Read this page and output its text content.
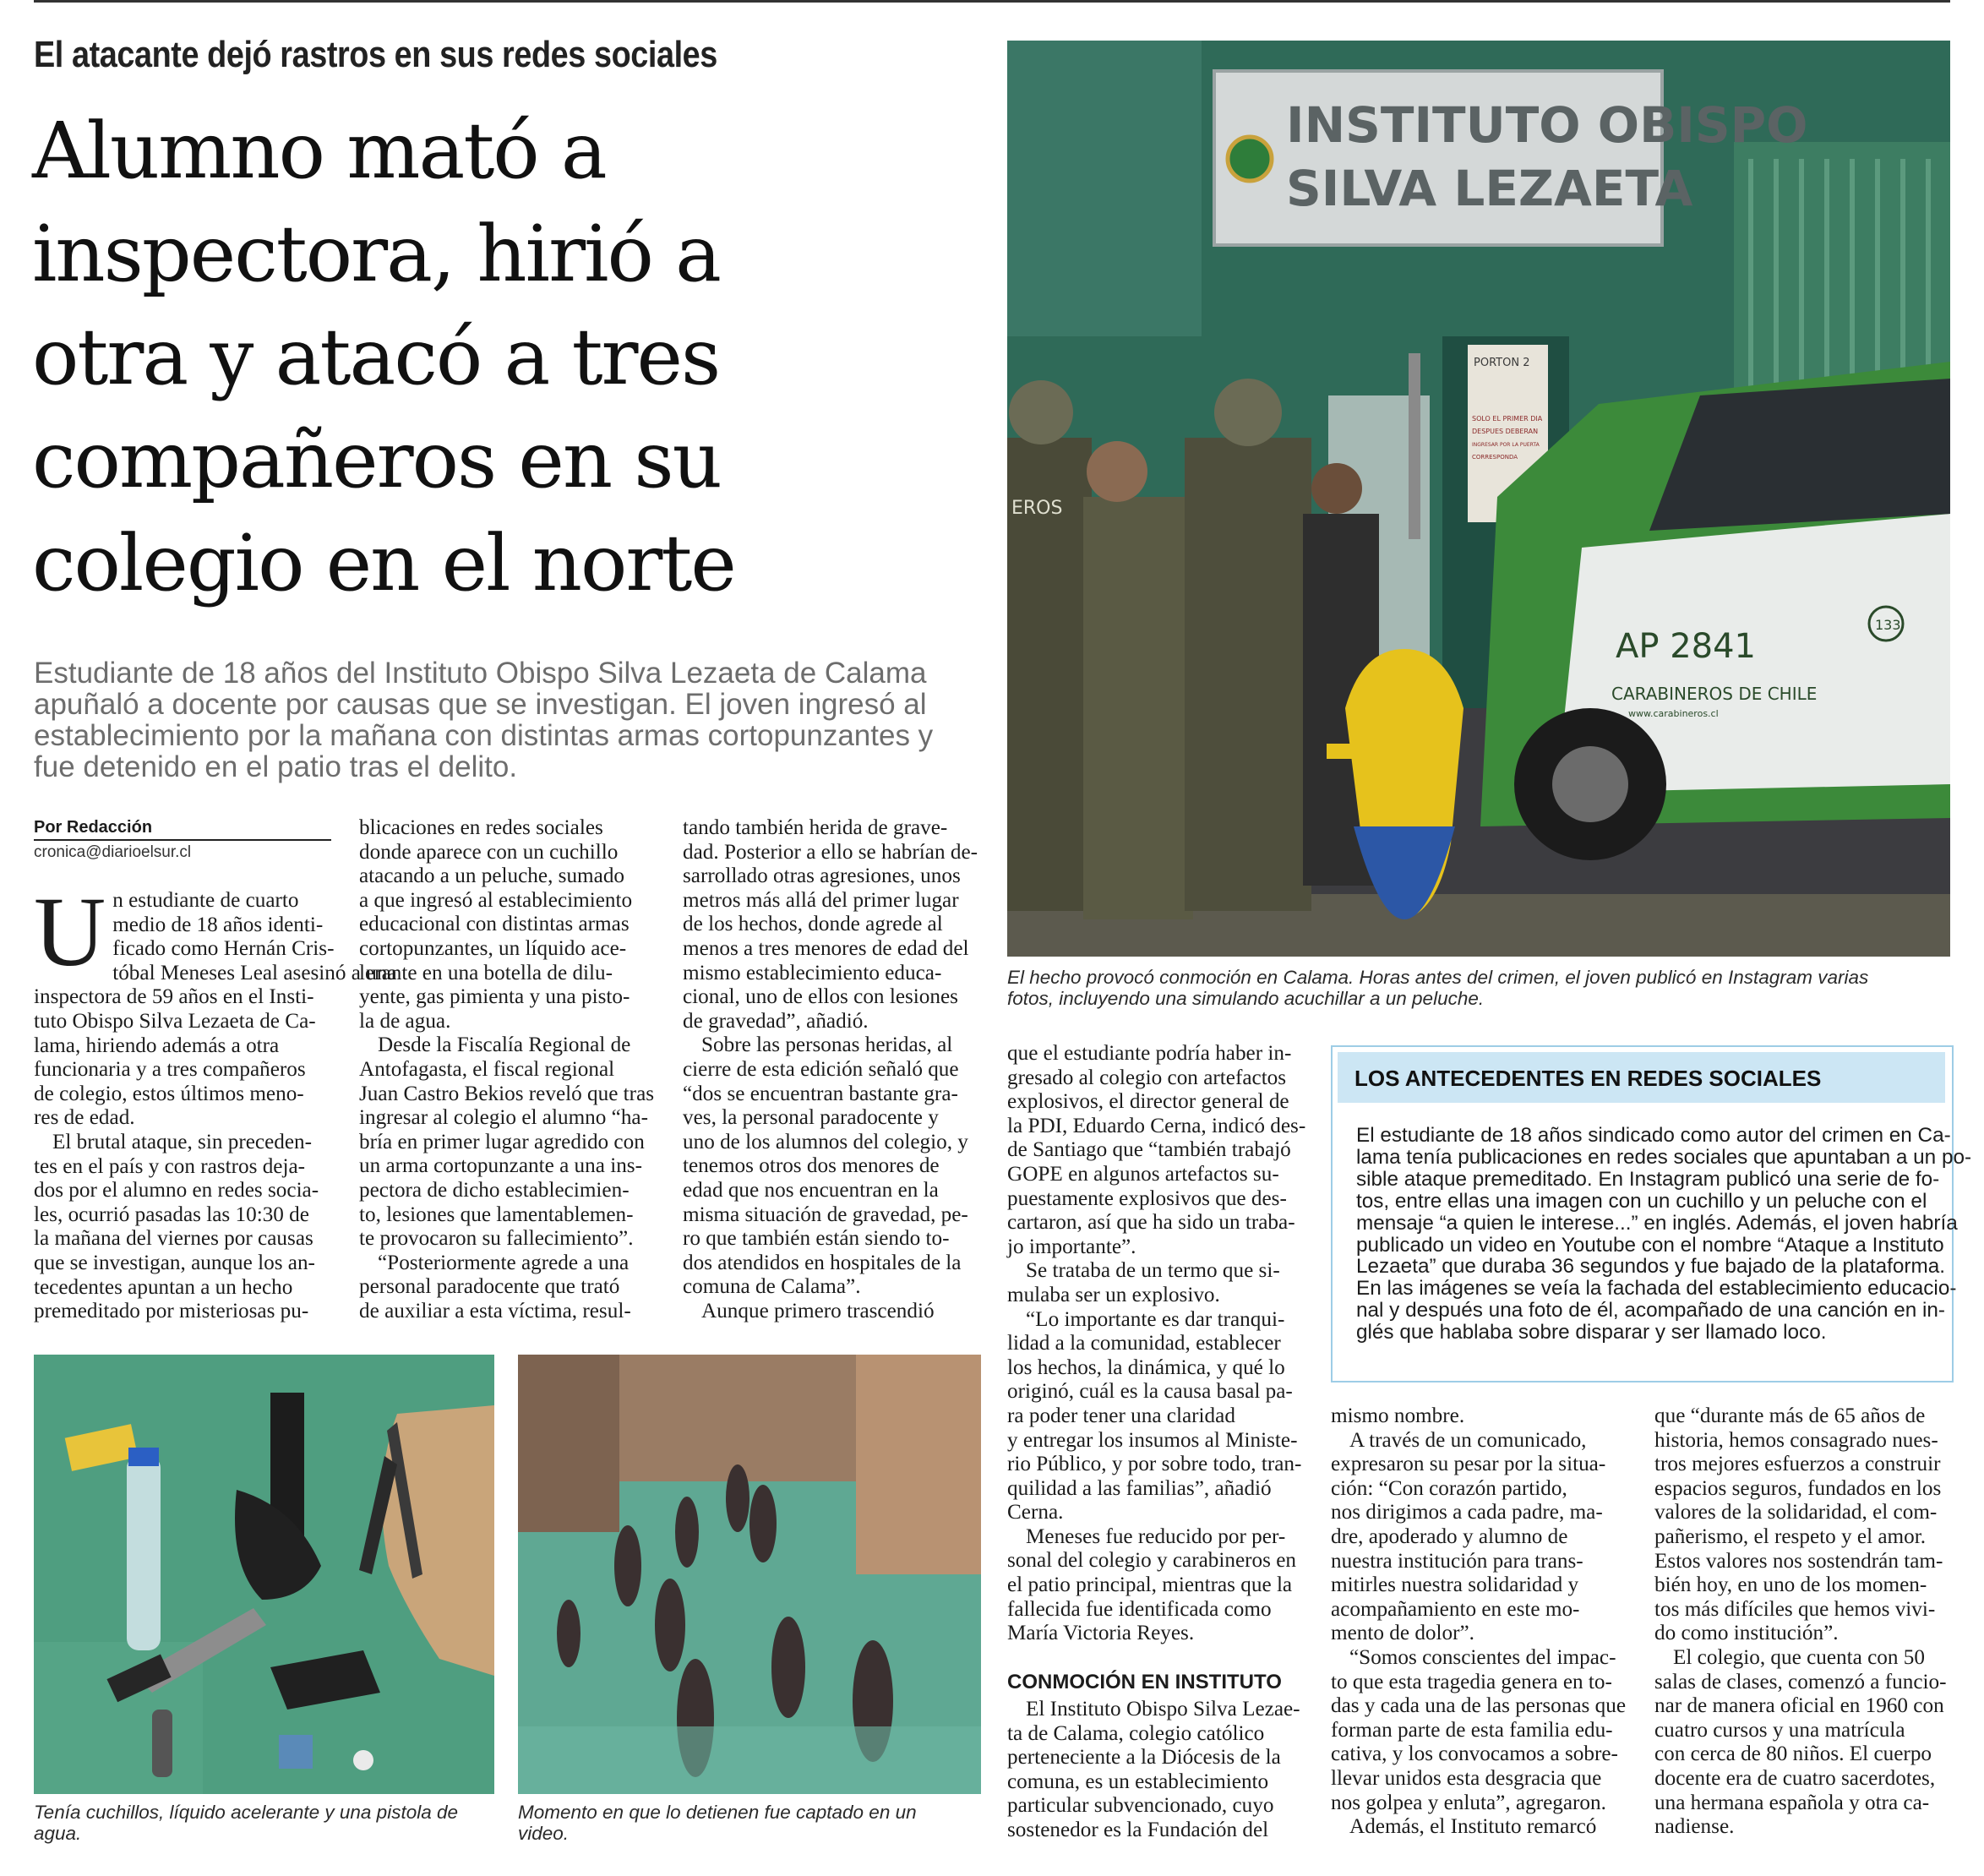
El atacante dejó rastros en sus redes sociales
Alumno mató a
inspectora, hirió a
otra y atacó a tres
compañeros en su
colegio en el norte
Estudiante de 18 años del Instituto Obispo Silva Lezaeta de Calama
apuñaló a docente por causas que se investigan. El joven ingresó al
establecimiento por la mañana con distintas armas cortopunzantes y
fue detenido en el patio tras el delito.
Por Redacción
cronica@diarioelsur.cl
U n estudiante de cuarto
medio de 18 años identi-
ficado como Hernán Cris-
tóbal Meneses Leal asesinó a una
inspectora de 59 años en el Insti-
tuto Obispo Silva Lezaeta de Ca-
lama, hiriendo además a otra
funcionaria y a tres compañeros
de colegio, estos últimos meno-
res de edad.
El brutal ataque, sin preceden-
tes en el país y con rastros deja-
dos por el alumno en redes socia-
les, ocurrió pasadas las 10:30 de
la mañana del viernes por causas
que se investigan, aunque los an-
tecedentes apuntan a un hecho
premeditado por misteriosas pu-
blicaciones en redes sociales
donde aparece con un cuchillo
atacando a un peluche, sumado
a que ingresó al establecimiento
educacional con distintas armas
cortopunzantes, un líquido ace-
lerante en una botella de dilu-
yente, gas pimienta y una pisto-
la de agua.
Desde la Fiscalía Regional de
Antofagasta, el fiscal regional
Juan Castro Bekios reveló que tras
ingresar al colegio el alumno “ha-
bría en primer lugar agredido con
un arma cortopunzante a una ins-
pectora de dicho establecimien-
to, lesiones que lamentablemen-
te provocaron su fallecimiento”.
“Posteriormente agrede a una
personal paradocente que trató
de auxiliar a esta víctima, resul-
tando también herida de grave-
dad. Posterior a ello se habrían de-
sarrollado otras agresiones, unos
metros más allá del primer lugar
de los hechos, donde agrede al
menos a tres menores de edad del
mismo establecimiento educa-
cional, uno de ellos con lesiones
de gravedad”, añadió.
Sobre las personas heridas, al
cierre de esta edición señaló que
“dos se encuentran bastante gra-
ves, la personal paradocente y
uno de los alumnos del colegio, y
tenemos otros dos menores de
edad que nos encuentran en la
misma situación de gravedad, pe-
ro que también están siendo to-
dos atendidos en hospitales de la
comuna de Calama”.
Aunque primero trascendió
INSTITUTO OBISPO
SILVA LEZAETA
PORTON 2
SOLO EL PRIMER DIA
DESPUES DEBERAN
INGRESAR POR LA PUERTA
CORRESPONDA
AP 2841
CARABINEROS DE CHILE
www.carabineros.cl
133
EROS
El hecho provocó conmoción en Calama. Horas antes del crimen, el joven publicó en Instagram varias
fotos, incluyendo una simulando acuchillar a un peluche.
LOS ANTECEDENTES EN REDES SOCIALES
El estudiante de 18 años sindicado como autor del crimen en Ca-
lama tenía publicaciones en redes sociales que apuntaban a un po-
sible ataque premeditado. En Instagram publicó una serie de fo-
tos, entre ellas una imagen con un cuchillo y un peluche con el
mensaje “a quien le interese...” en inglés. Además, el joven habría
publicado un video en Youtube con el nombre “Ataque a Instituto
Lezaeta” que duraba 36 segundos y fue bajado de la plataforma.
En las imágenes se veía la fachada del establecimiento educacio-
nal y después una foto de él, acompañado de una canción en in-
glés que hablaba sobre disparar y ser llamado loco.
que el estudiante podría haber in-
gresado al colegio con artefactos
explosivos, el director general de
la PDI, Eduardo Cerna, indicó des-
de Santiago que “también trabajó
GOPE en algunos artefactos su-
puestamente explosivos que des-
cartaron, así que ha sido un traba-
jo importante”.
Se trataba de un termo que si-
mulaba ser un explosivo.
“Lo importante es dar tranqui-
lidad a la comunidad, establecer
los hechos, la dinámica, y qué lo
originó, cuál es la causa basal pa-
ra poder tener una claridad
y entregar los insumos al Ministe-
rio Público, y por sobre todo, tran-
quilidad a las familias”, añadió
Cerna.
Meneses fue reducido por per-
sonal del colegio y carabineros en
el patio principal, mientras que la
fallecida fue identificada como
María Victoria Reyes.
CONMOCIÓN EN INSTITUTO
El Instituto Obispo Silva Lezae-
ta de Calama, colegio católico
perteneciente a la Diócesis de la
comuna, es un establecimiento
particular subvencionado, cuyo
sostenedor es la Fundación del
mismo nombre.
A través de un comunicado,
expresaron su pesar por la situa-
ción: “Con corazón partido,
nos dirigimos a cada padre, ma-
dre, apoderado y alumno de
nuestra institución para trans-
mitirles nuestra solidaridad y
acompañamiento en este mo-
mento de dolor”.
“Somos conscientes del impac-
to que esta tragedia genera en to-
das y cada una de las personas que
forman parte de esta familia edu-
cativa, y los convocamos a sobre-
llevar unidos esta desgracia que
nos golpea y enluta”, agregaron.
Además, el Instituto remarcó
que “durante más de 65 años de
historia, hemos consagrado nues-
tros mejores esfuerzos a construir
espacios seguros, fundados en los
valores de la solidaridad, el com-
pañerismo, el respeto y el amor.
Estos valores nos sostendrán tam-
bién hoy, en uno de los momen-
tos más difíciles que hemos vivi-
do como institución”.
El colegio, que cuenta con 50
salas de clases, comenzó a funcio-
nar de manera oficial en 1960 con
cuatro cursos y una matrícula
con cerca de 80 niños. El cuerpo
docente era de cuatro sacerdotes,
una hermana española y otra ca-
nadiense.
Tenía cuchillos, líquido acelerante y una pistola de
agua.
Momento en que lo detienen fue captado en un
video.
